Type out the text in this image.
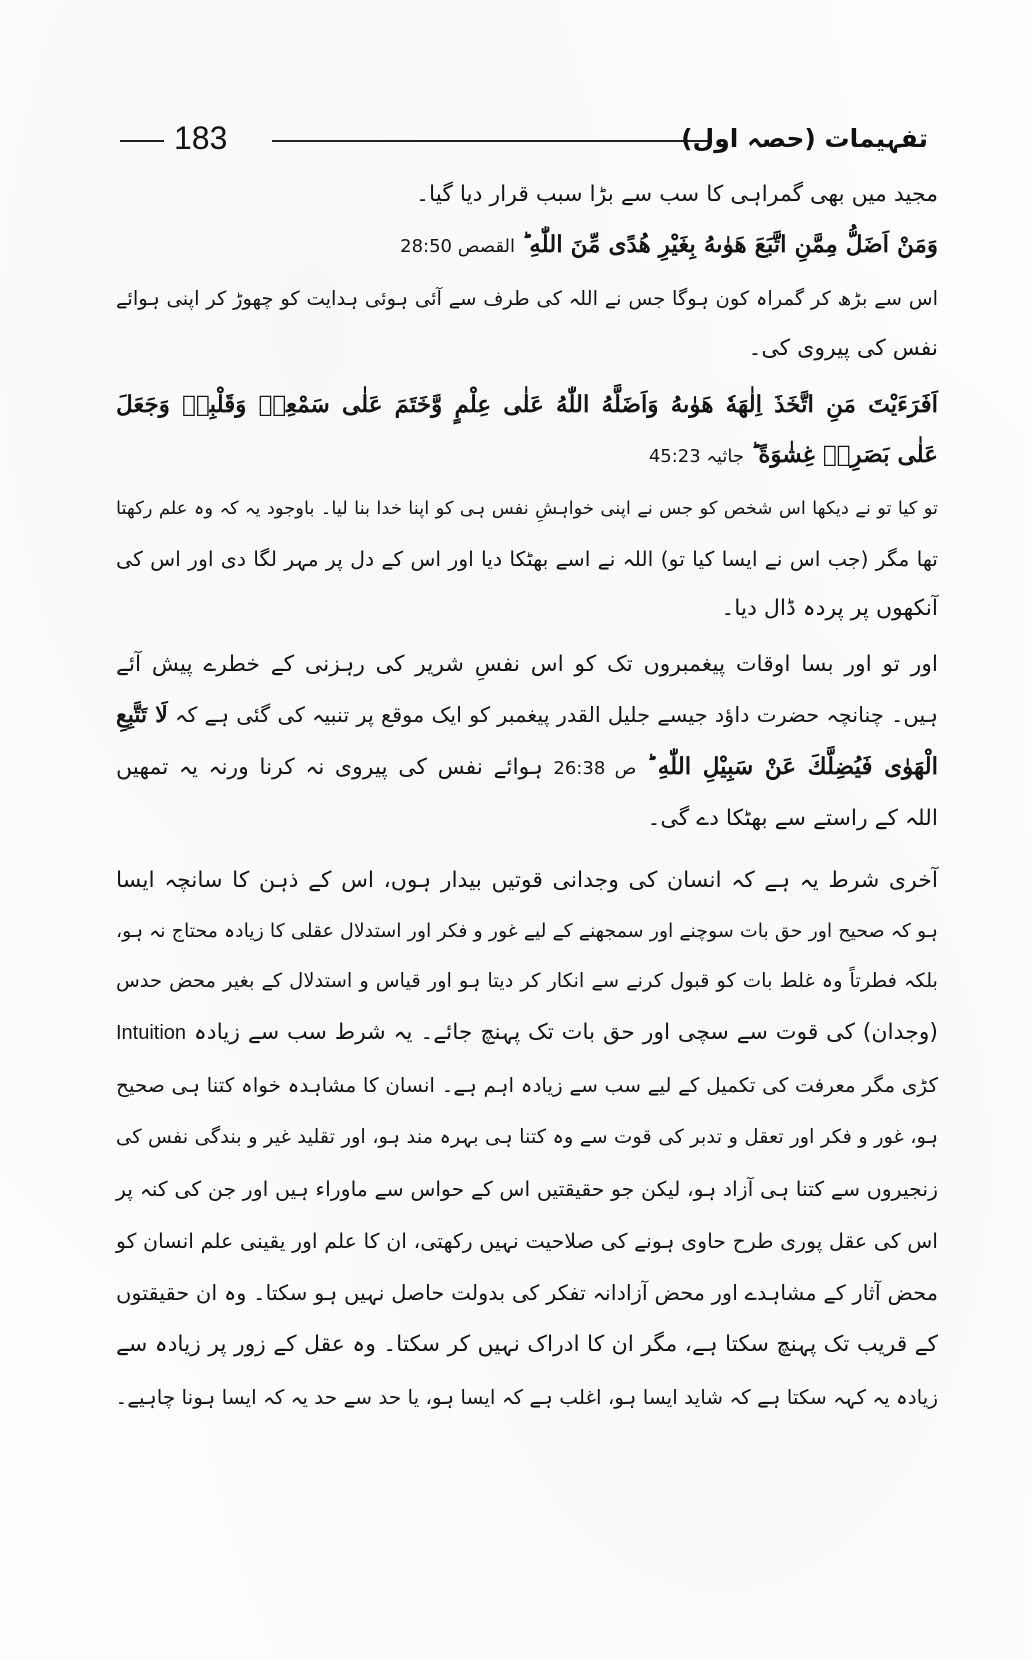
183	تفہیمات (حصہ اول)
مجید میں بھی گمراہی کا سب سے بڑا سبب قرار دیا گیا۔
وَمَنْ اَضَلُّ مِمَّنِ اتَّبَعَ هَوٰىهُ بِغَيْرِ هُدًى مِّنَ اللّٰهِ ؕ القصص 28:50
اس سے بڑھ کر گمراہ کون ہوگا جس نے اللہ کی طرف سے آئی ہوئی ہدایت کو چھوڑ کر اپنی ہوائے
نفس کی پیروی کی۔
اَفَرَءَيْتَ مَنِ اتَّخَذَ اِلٰهَهٗ هَوٰىهُ وَاَضَلَّهُ اللّٰهُ عَلٰى عِلْمٍ وَّخَتَمَ عَلٰى سَمْعِهٖ وَقَلْبِهٖ وَجَعَلَ
عَلٰى بَصَرِهٖ غِشٰوَةً ؕ جاثیہ 45:23
تو کیا تو نے دیکھا اس شخص کو جس نے اپنی خواہشِ نفس ہی کو اپنا خدا بنا لیا۔ باوجود یہ کہ وہ علم رکھتا
تھا مگر (جب اس نے ایسا کیا تو) اللہ نے اسے بھٹکا دیا اور اس کے دل پر مہر لگا دی اور اس کی
آنکھوں پر پردہ ڈال دیا۔
اور تو اور بسا اوقات پیغمبروں تک کو اس نفسِ شریر کی رہزنی کے خطرے پیش آئے
ہیں۔ چنانچہ حضرت داؤد جیسے جلیل القدر پیغمبر کو ایک موقع پر تنبیہ کی گئی ہے کہ لَا تَتَّبِعِ
الْهَوٰى فَيُضِلَّكَ عَنْ سَبِيْلِ اللّٰهِ ؕ ص 26:38 ہوائے نفس کی پیروی نہ کرنا ورنہ یہ تمھیں
اللہ کے راستے سے بھٹکا دے گی۔
آخری شرط یہ ہے کہ انسان کی وجدانی قوتیں بیدار ہوں، اس کے ذہن کا سانچہ ایسا
ہو کہ صحیح اور حق بات سوچنے اور سمجھنے کے لیے غور و فکر اور استدلال عقلی کا زیادہ محتاج نہ ہو،
بلکہ فطرتاً وہ غلط بات کو قبول کرنے سے انکار کر دیتا ہو اور قیاس و استدلال کے بغیر محض حدس
(وجدان) کی قوت سے سچی اور حق بات تک پہنچ جائے۔ یہ شرط سب سے زیادہ Intuition
کڑی مگر معرفت کی تکمیل کے لیے سب سے زیادہ اہم ہے۔ انسان کا مشاہدہ خواہ کتنا ہی صحیح
ہو، غور و فکر اور تعقل و تدبر کی قوت سے وہ کتنا ہی بہرہ مند ہو، اور تقلید غیر و بندگی نفس کی
زنجیروں سے کتنا ہی آزاد ہو، لیکن جو حقیقتیں اس کے حواس سے ماوراء ہیں اور جن کی کنہ پر
اس کی عقل پوری طرح حاوی ہونے کی صلاحیت نہیں رکھتی، ان کا علم اور یقینی علم انسان کو
محض آثار کے مشاہدے اور محض آزادانہ تفکر کی بدولت حاصل نہیں ہو سکتا۔ وہ ان حقیقتوں
کے قریب تک پہنچ سکتا ہے، مگر ان کا ادراک نہیں کر سکتا۔ وہ عقل کے زور پر زیادہ سے
زیادہ یہ کہہ سکتا ہے کہ شاید ایسا ہو، اغلب ہے کہ ایسا ہو، یا حد سے حد یہ کہ ایسا ہونا چاہیے۔
